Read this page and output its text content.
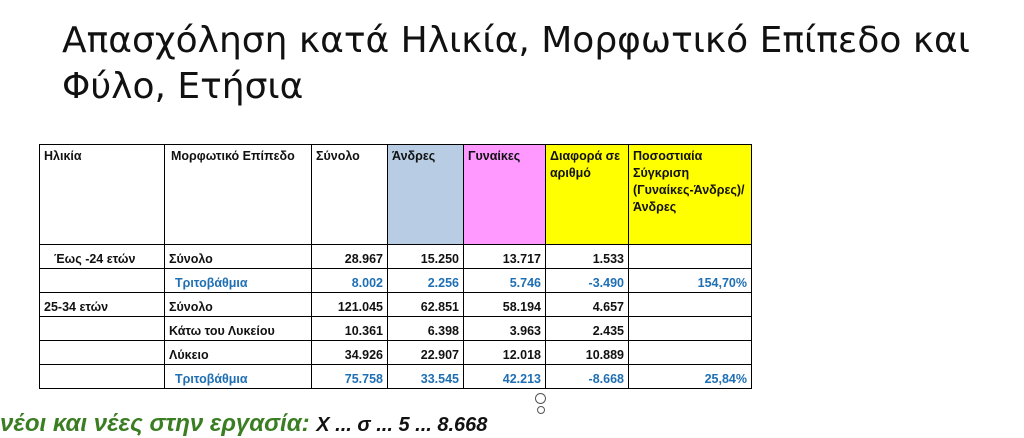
Απασχόληση κατά Ηλικία, Μορφωτικό Επίπεδο και Φύλο, Ετήσια
Ηλικία	Μορφωτικό Επίπεδο	Σύνολο	Άνδρες	Γυναίκες	Διαφορά σε αριθμό	Ποσοστιαία Σύγκριση (Γυναίκες-Άνδρες)/ Άνδρες
Έως -24 ετών	Σύνολο	28.967	15.250	13.717	1.533	
	Τριτοβάθμια	8.002	2.256	5.746	-3.490	154,70%
25-34 ετών	Σύνολο	121.045	62.851	58.194	4.657	
	Κάτω του Λυκείου	10.361	6.398	3.963	2.435	
	Λύκειο	34.926	22.907	12.018	10.889	
	Τριτοβάθμια	75.758	33.545	42.213	-8.668	25,84%
νέοι και νέες στην εργασία: Χ ... σ ... 5 ... 8.668
